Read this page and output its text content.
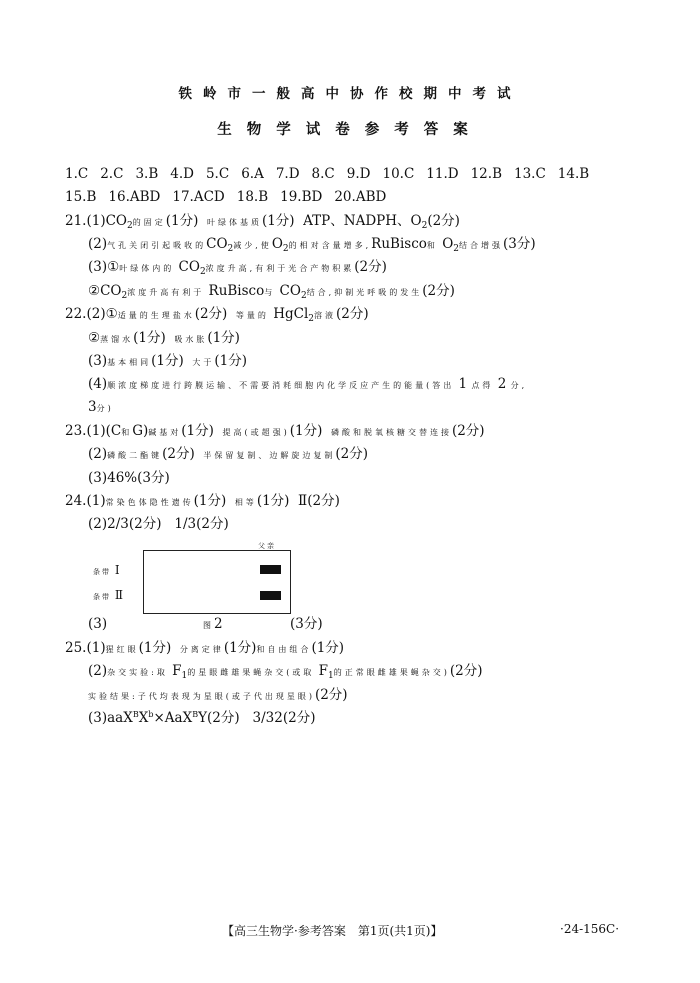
铁岭市一般高中协作校期中考试
生物学试卷参考答案
1.C 2.C 3.B 4.D 5.C 6.A 7.D 8.C 9.D 10.C 11.D 12.B 13.C 14.B
15.B 16.ABD 17.ACD 18.B 19.BD 20.ABD
$21.(1)CO_2$的固定(1分) 叶绿体基质(1分) ATP、NADPH、$O_2(2$分)
(2)气孔关闭引起吸收的$CO_2$减少,使$O_2$的相对含量增多,RuBisco和 $O_2$结合增强(3分)
(3)①叶绿体内的 $CO_2$浓度升高,有利于光合产物积累(2分)
$②CO_2$浓度升高有利于 RuBisco与 $CO_2$结合,抑制光呼吸的发生(2分)
22.(2)①适量的生理盐水(2分) 等量的 HgCl$_2$溶液(2分)
②蒸馏水(1分) 吸水胀(1分)
(3)基本相同(1分) 大于(1分)
(4)顺浓度梯度进行跨膜运输、不需要消耗细胞内化学反应产生的能量(答出 1 点得 2 分,
3分)
23.(1)(C和G)碱基对(1分) 提高(或超强)(1分) 磷酸和脱氧核糖交替连接(2分)
(2)磷酸二酯键(2分) 半保留复制、边解旋边复制(2分)
(3)46%(3分)
24.(1)常染色体隐性遗传(1分) 相等(1分) Ⅱ(2分)
(2)2/3(2分) 1/3(2分)
父亲
条带 Ⅰ
条带 Ⅱ
(3)	图2	(3分)
25.(1)猩红眼(1分) 分离定律(1分)和自由组合(1分)
(2)杂交实验:取 $F_1$的星眼雌雄果蝇杂交(或取 $F_1$的正常眼雌雄果蝇杂交)(2分)
实验结果:子代均表现为星眼(或子代出现星眼)(2分)
$(3)aaX^BX^b\times AaX^BY(2$分) 3/32(2分)
【高三生物学·参考答案　第1页(共1页)】	·24-156C·
